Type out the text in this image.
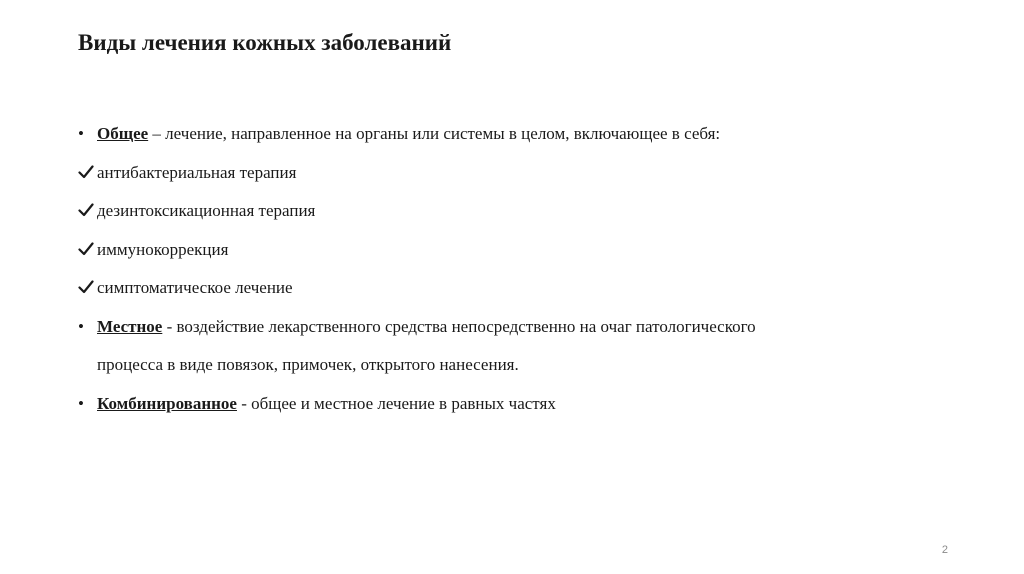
Виды лечения кожных заболеваний
• Общее – лечение, направленное на органы или системы в целом, включающее в себя:
антибактериальная терапия
дезинтоксикационная терапия
иммунокоррекция
симптоматическое лечение
• Местное - воздействие лекарственного средства непосредственно на очаг патологического
процесса в виде повязок, примочек, открытого нанесения.
• Комбинированное - общее и местное лечение в равных частях
2
